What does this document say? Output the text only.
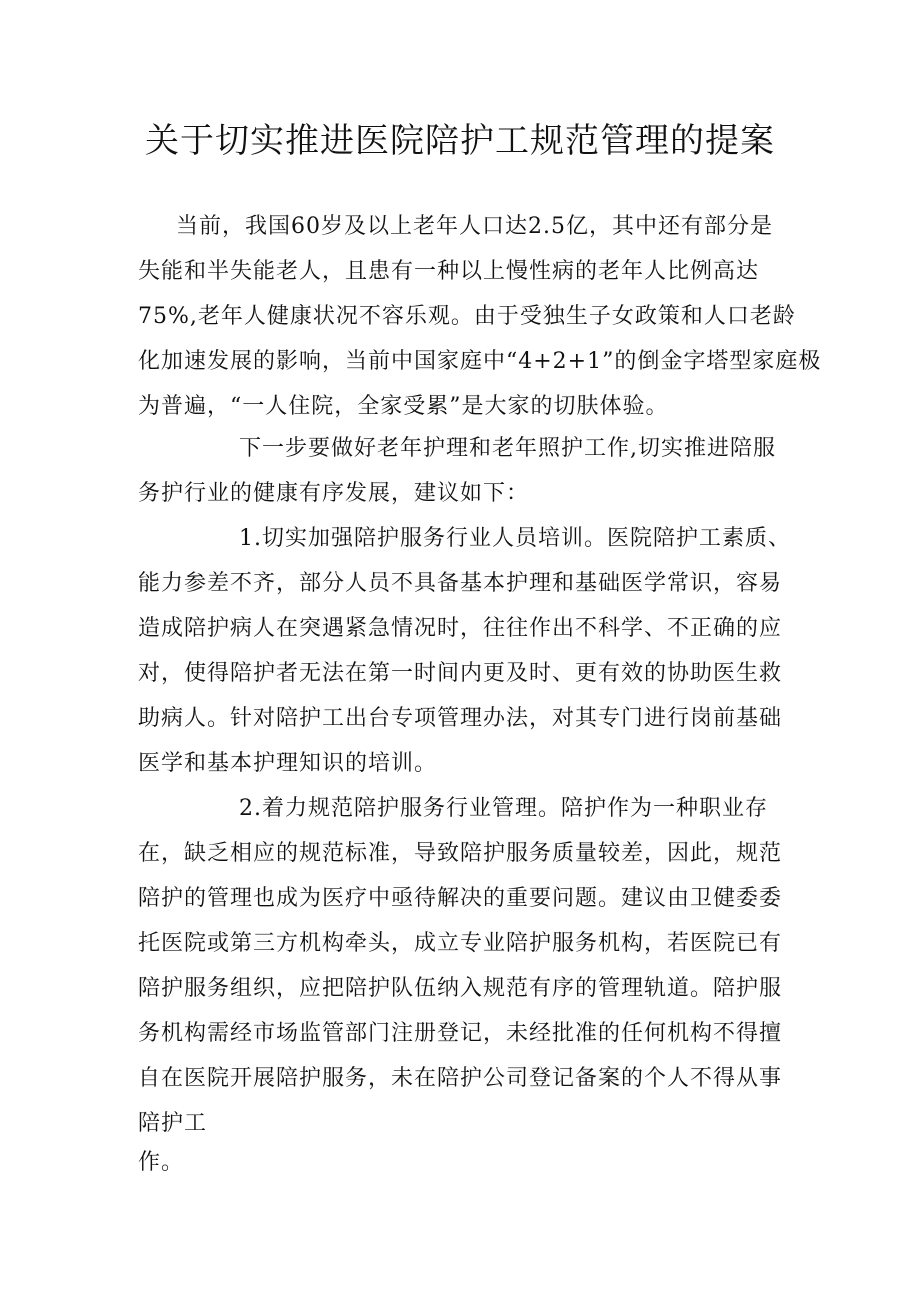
关于切实推进医院陪护工规范管理的提案
当前，我国60岁及以上老年人口达2.5亿，其中还有部分是
失能和半失能老人，且患有一种以上慢性病的老年人比例高达
75%,老年人健康状况不容乐观。由于受独生子女政策和人口老龄
化加速发展的影响，当前中国家庭中“4+2+1”的倒金字塔型家庭极
为普遍，“一人住院，全家受累”是大家的切肤体验。
下一步要做好老年护理和老年照护工作,切实推进陪服
务护行业的健康有序发展，建议如下：
1.切实加强陪护服务行业人员培训。医院陪护工素质、
能力参差不齐，部分人员不具备基本护理和基础医学常识，容易
造成陪护病人在突遇紧急情况时，往往作出不科学、不正确的应
对，使得陪护者无法在第一时间内更及时、更有效的协助医生救
助病人。针对陪护工出台专项管理办法，对其专门进行岗前基础
医学和基本护理知识的培训。
2.着力规范陪护服务行业管理。陪护作为一种职业存
在，缺乏相应的规范标准，导致陪护服务质量较差，因此，规范
陪护的管理也成为医疗中亟待解决的重要问题。建议由卫健委委
托医院或第三方机构牵头，成立专业陪护服务机构，若医院已有
陪护服务组织，应把陪护队伍纳入规范有序的管理轨道。陪护服
务机构需经市场监管部门注册登记，未经批准的任何机构不得擅
自在医院开展陪护服务，未在陪护公司登记备案的个人不得从事
陪护工
作。
